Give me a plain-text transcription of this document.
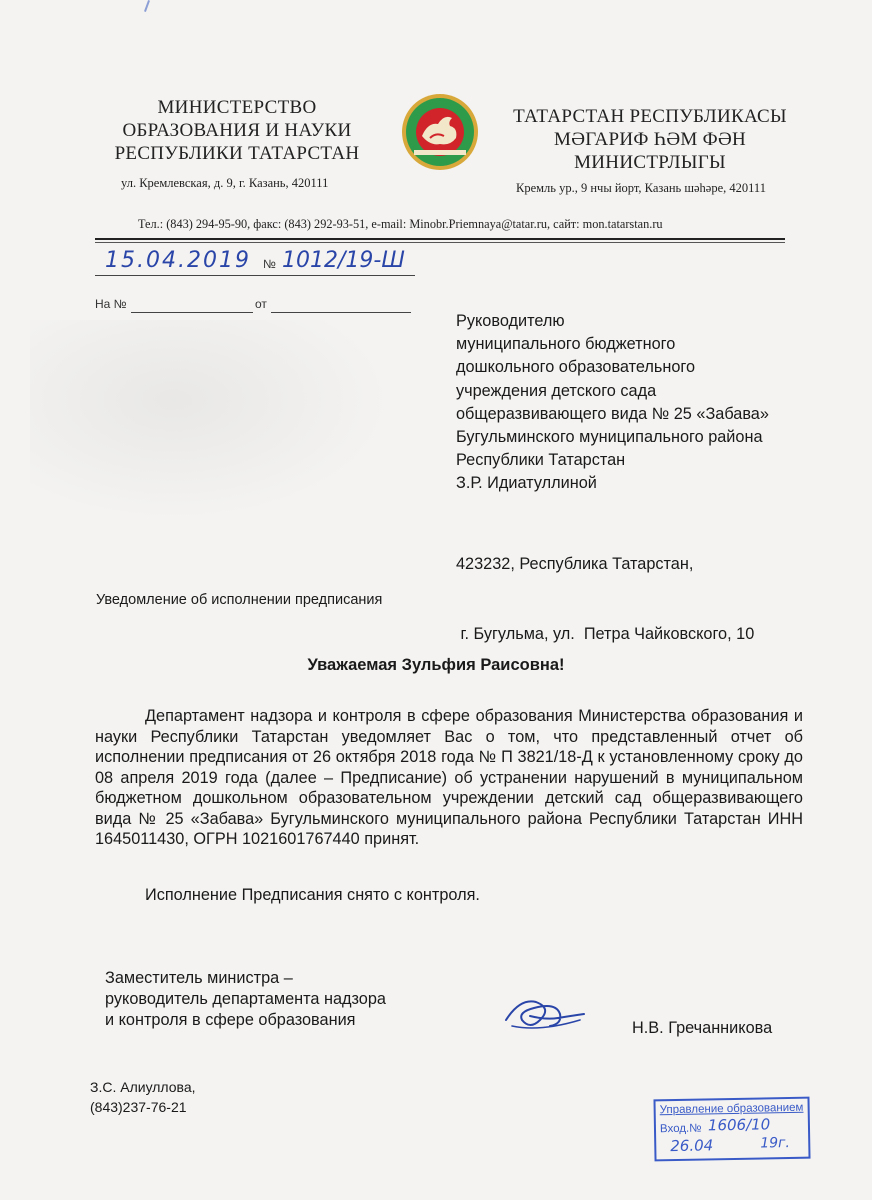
МИНИСТЕРСТВО
ОБРАЗОВАНИЯ И НАУКИ
РЕСПУБЛИКИ ТАТАРСТАН
ул. Кремлевская, д. 9, г. Казань, 420111
ТАТАРСТАН РЕСПУБЛИКАСЫ
МӘГАРИФ ҺӘМ ФӘН
МИНИСТРЛЫГЫ
Кремль ур., 9 нчы йорт, Казань шәһәре, 420111
Тел.: (843) 294-95-90, факс: (843) 292-93-51, e-mail: Minobr.Priemnaya@tatar.ru, сайт: mon.tatarstan.ru
15.04.2019 № 1012/19-Ш
На №	от
Руководителю
муниципального бюджетного
дошкольного образовательного
учреждения детского сада
общеразвивающего вида № 25 «Забава»
Бугульминского муниципального района
Республики Татарстан
З.Р. Идиатуллиной

423232, Республика Татарстан,

г. Бугульма, ул.  Петра Чайковского, 10

Уведомление об исполнении предписания
Уважаемая Зульфия Раисовна!
Департамент надзора и контроля в сфере образования Министерства образования и науки Республики Татарстан уведомляет Вас о том, что представленный отчет об исполнении предписания от 26 октября 2018 года № П 3821/18-Д к установленному сроку до 08 апреля 2019 года (далее – Предписание) об устранении нарушений в муниципальном бюджетном дошкольном образовательном учреждении детский сад общеразвивающего вида № 25 «Забава» Бугульминского муниципального района Республики Татарстан ИНН 1645011430, ОГРН 1021601767440 принят.
Исполнение Предписания снято с контроля.
Заместитель министра –
руководитель департамента надзора
и контроля в сфере образования	Н.В. Гречанникова
З.С. Алиуллова,
(843)237-76-21	Управление образованием
Вход.№ 1606/10
26.04	19г.
